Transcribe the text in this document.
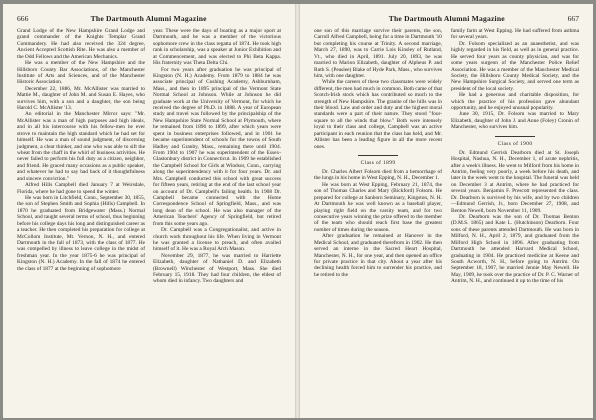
666	The Dartmouth Alumni Magazine

Grand Lodge of the New Hampshire Grand Lodge and grand commander of the Knights Templar Grand Commandery. He had also received the 32d degree, Ancient Accepted Scottish Rite. He was also a member of the Odd Fellows and the American Mechanics.

He was a member of the New Hampshire and the Hillsboro County Bar Associations, of the Manchester Institute of Arts and Sciences, and of the Manchester Historic Association.

December 22, 1886, Mr. McAllister was married to Mattie M., daughter of John M. and Susan E. Hayes, who survives him, with a son and a daughter, the son being Harold C. McAllister '13.

An editorial in the Manchester Mirror says: "Mr. McAllister was a man of high purposes and high ideals, and in all his intercourse with his fellow-men he ever strove to maintain the high standard which he had set for himself. He was a man of sound judgment, of discerning judgment, a clear thinker, and one who was able to sift the wheat from the chaff in the whirl of business activities. He never failed to perform his full duty as a citizen, neighbor, and friend. He graced many occasions as a public speaker, and whatever he had to say had back of it thoughtfulness and sincere conviction."

Alfred Hills Campbell died January 7 at Weirsdale, Florida, where he had gone to spend the winter.

He was born in Litchfield, Conn., September 30, 1855, the son of Stephen Smith and Sophia (Hills) Campbell. In 1870 he graduated from Bridgewater (Mass.) Normal School, and taught several terms of school, thus beginning before his college days his long and distinguished career as a teacher. He then completed his preparation for college at McCollom Institute, Mt. Vernon, N. H., and entered Dartmouth in the fall of 1873, with the class of 1877. He was compelled by illness to leave college in the midst of freshman year. In the year 1875-6 he was principal of Kingston (N. H.) Academy. In the fall of 1874 he entered the class of 1877 at the beginning of sophomore

year. These were the days of boating as a major sport at Dartmouth, and he was a member of the victorious sophomore crew in the class regatta of 1874. He took high rank in scholarship, was a speaker at Junior Exhibition and at Commencement, and was elected to Phi Beta Kappa. His fraternity was Theta Delta Chi.

For two years after graduation he was principal of Kingston (N. H.) Academy. From 1879 to 1884 he was associate principal of Cushing Academy, Ashburnham, Mass., and then in 1895 principal of the Vermont State Normal School at Johnson. While at Johnson he did graduate work at the University of Vermont, for which he received the degree of Ph.D. in 1888. A year of European study and travel was followed by the principalship of the New Hampshire State Normal School at Plymouth, where he remained from 1896 to 1899, after which years were spent in business enterprises followed, and in 1901 he became superintendent of schools for the towns of South Hadley and Granby, Mass., remaining there until 1904. From 1904 to 1907 he was superintendent of the Essex-Glastonbury district in Connecticut. In 1909 he established the Campbell School for Girls at Windsor, Conn., carrying along the superintendency with it for four years. Dr. and Mrs. Campbell conducted this school with great success for fifteen years, retiring at the end of the last school year on account of Dr. Campbell's failing health. In 1908 Dr. Campbell became connected with the Home Correspondence School of Springfield, Mass., and was long dean of the school. He was also manager of the American Teachers' Agency of Springfield, but retired from this some years ago.

Dr. Campbell was a Congregationalist, and active in church work throughout his life. When living in Vermont he was granted a license to preach, and often availed himself of it. He was a Royal Arch Mason.

November 29, 1877, he was married to Harriette Elizabeth, daughter of Nathaniel D. and Elizabeth (Brownell) Winchester of Westport, Mass. She died February 15, 1918. They had four children, the eldest of whom died in infancy. Two daughters and

The Dartmouth Alumni Magazine	667

one son of this marriage survive their parents, the son, Carroll Alfred Campbell, being for a time in Dartmouth '10 but completing his course at Trinity. A second marriage, March 27, 1890, was to Carrie Lois Kinsley of Rutland, Vt., who died in April, 1891. July 20, 1893, he was married to Marion Elizabeth, daughter of Alpheus P. and Ruth S. (Peaslee) Blake of Hyde Park, Mass., who survives him, with one daughter.

While the careers of these two classmates were widely different, the men had much in common. Both came of that Scotch-Irish stock which has contributed so much to the strength of New Hampshire. The granite of the hills was in their blood. Law and order and duty and the highest moral standards were a part of their nature. They stood "four-square to all the winds that blow." Both were intensely loyal to their class and college, Campbell was an active participant in each reunion that the class has held, and Mr. Allister has been a leading figure in all the more recent ones.

Class of 1899

Dr. Charles Albert Folsom died from a hemorrhage of the lungs in his home in West Epping, N. H., December 1.

He was born at West Epping, February 21, 1874, the son of Thomas Charles and Mary (Bickford) Folsom. He prepared for college at Sanborn Seminary, Kingston, N. H. At Dartmouth he was well known as a baseball player, playing right field on the varsity team, and for two consecutive years winning the prize offered to the member of the team who should reach first base the greatest number of times during the season.

After graduation he remained at Hanover in the Medical School, and graduated therefrom in 1902. He then served an interne in the Sacred Heart Hospital, Manchester, N. H., for one year, and then opened an office for private practice in that city. About a year after his declining health forced him to surrender his practice, and he retired to the

family farm at West Epping. He had suffered from asthma for several years.

Dr. Folsom specialized as an anaesthetist, and was highly regarded in his field, as well as in general practice. He served four years as county physician, and was for some years surgeon of the Manchester Police Relief Association. He was a member of the Manchester Medical Society, the Hillsboro County Medical Society, and the New Hampshire Surgical Society, and served one term as president of the local society.

He had a generous and charitable disposition, for which the practice of his profession gave abundant opportunity, and he enjoyed unusual popularity.

June 30, 1915, Dr. Folsom was married to Mary Elizabeth, daughter of John J. and Anne (Foley) Cronin of Manchester, who survives him.

Class of 1900

Dr. Edmund Gerrish Dearborn died at St. Joseph Hospital, Nashua, N. H., December 1, of acute nephritis, after a week's illness. He went to Milford from his home in Antrim, feeling very poorly, a week before his death, and later in the week went to the hospital. The funeral was held on December 3 at Antrim, where he had practiced for several years. Benjamin F. Prescott represented the class. Dr. Dearborn is survived by his wife, and by two children—Edmund Gerrish, Jr., born December 27, 1908, and Benton Newell, born November 11, 1909.

Dr. Dearborn was the son of Dr. Thomas Benton (D.M.S. 1865) and Kate L. (Hutchinson) Dearborn. Four sons of these parents attended Dartmouth. He was born in Milford, N. H., April 2, 1879, and graduated from the Milford High School in 1896. After graduating from Dartmouth he attended Harvard Medical School, graduating in 1904. He practiced medicine at Keene and South Acworth, N. H., before going to Antrim. On September 18, 1907, he married Jennie May Newell. He May, 1909, he took over the practice of Dr. P. C. Warner of Antrim, N. H., and continued it up to the time of his
